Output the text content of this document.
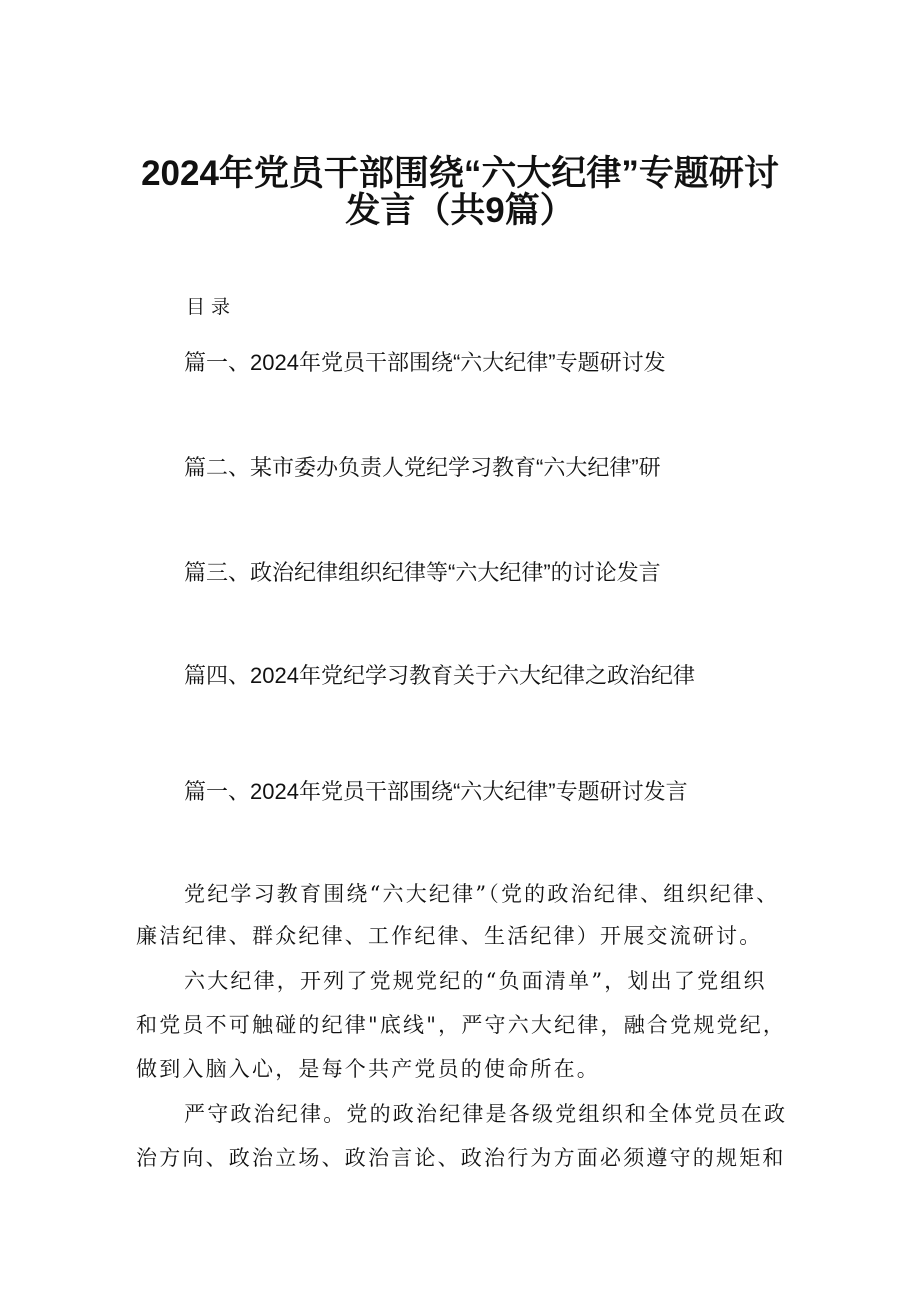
2024年党员干部围绕“六大纪律”专题研讨
发言（共9篇）
目录
篇一、2024年党员干部围绕“六大纪律”专题研讨发
篇二、某市委办负责人党纪学习教育“六大纪律”研
篇三、政治纪律组织纪律等“六大纪律”的讨论发言
篇四、2024年党纪学习教育关于六大纪律之政治纪律
篇一、2024年党员干部围绕“六大纪律”专题研讨发言
党纪学习教育围绕“六大纪律”（党的政治纪律、组织纪律、
廉洁纪律、群众纪律、工作纪律、生活纪律）开展交流研讨。
六大纪律，开列了党规党纪的“负面清单”，划出了党组织
和党员不可触碰的纪律"底线"，严守六大纪律，融合党规党纪，
做到入脑入心，是每个共产党员的使命所在。
严守政治纪律。党的政治纪律是各级党组织和全体党员在政
治方向、政治立场、政治言论、政治行为方面必须遵守的规矩和
